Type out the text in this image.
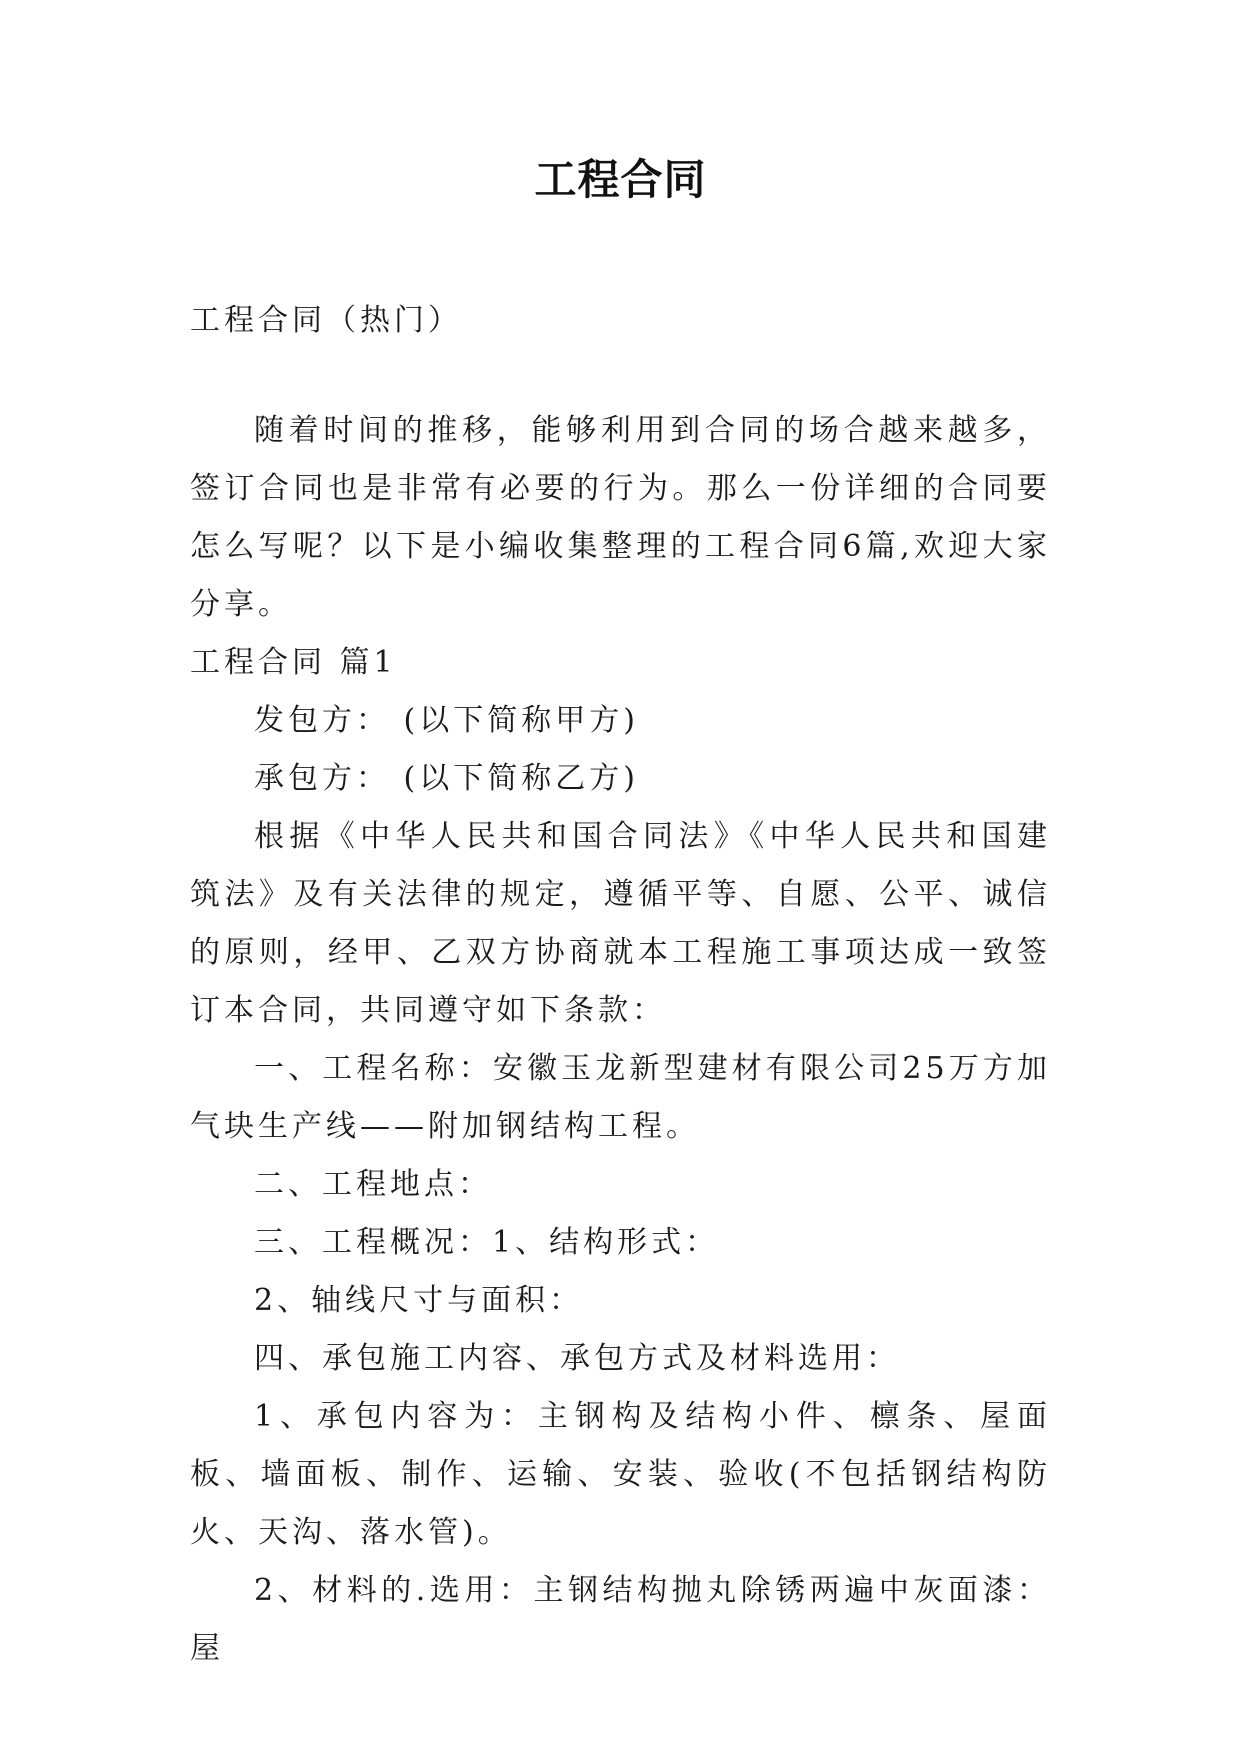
工程合同
工程合同（热门）

随着时间的推移，能够利用到合同的场合越来越多，签订合同也是非常有必要的行为。那么一份详细的合同要怎么写呢？以下是小编收集整理的工程合同6篇,欢迎大家分享。

工程合同 篇1

发包方： (以下简称甲方)

承包方： (以下简称乙方)

根据《中华人民共和国合同法》《中华人民共和国建筑法》及有关法律的规定，遵循平等、自愿、公平、诚信的原则，经甲、乙双方协商就本工程施工事项达成一致签订本合同，共同遵守如下条款：

一、工程名称：安徽玉龙新型建材有限公司25万方加气块生产线——附加钢结构工程。

二、工程地点：

三、工程概况：1、结构形式：

2、轴线尺寸与面积：

四、承包施工内容、承包方式及材料选用：

1、承包内容为：主钢构及结构小件、檩条、屋面板、墙面板、制作、运输、安装、验收(不包括钢结构防火、天沟、落水管)。

2、材料的.选用：主钢结构抛丸除锈两遍中灰面漆：屋
